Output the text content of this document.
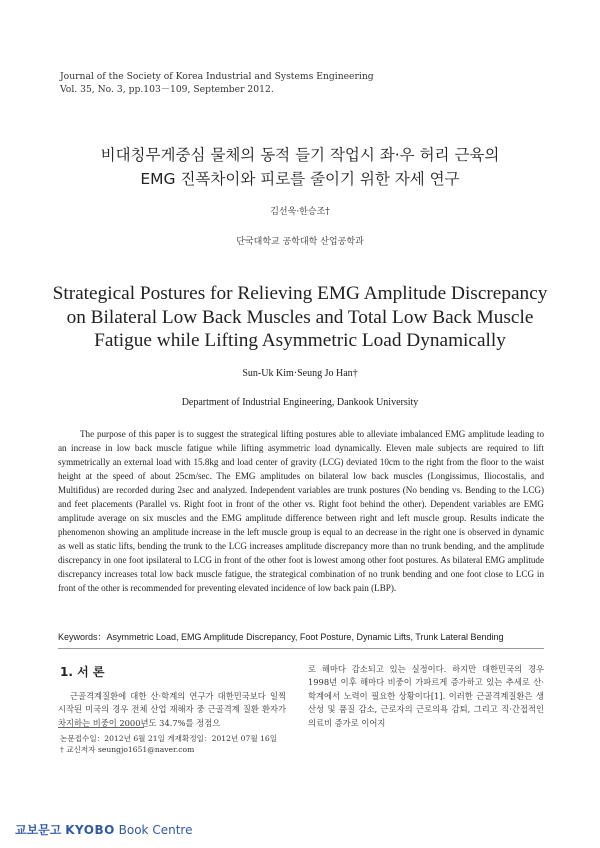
Journal of the Society of Korea Industrial and Systems Engineering
Vol. 35, No. 3, pp.103－109, September 2012.
비대칭무게중심 물체의 동적 들기 작업시 좌·우 허리 근육의
EMG 진폭차이와 피로를 줄이기 위한 자세 연구
김선욱·한승조†
단국대학교 공학대학 산업공학과
Strategical Postures for Relieving EMG Amplitude Discrepancy
on Bilateral Low Back Muscles and Total Low Back Muscle
Fatigue while Lifting Asymmetric Load Dynamically
Sun-Uk Kim·Seung Jo Han†
Department of Industrial Engineering, Dankook University
The purpose of this paper is to suggest the strategical lifting postures able to alleviate imbalanced EMG amplitude leading to an increase in low back muscle fatigue while lifting asymmetric load dynamically. Eleven male subjects are required to lift symmetrically an external load with 15.8kg and load center of gravity (LCG) deviated 10cm to the right from the floor to the waist height at the speed of about 25cm/sec. The EMG amplitudes on bilateral low back muscles (Longissimus, Iliocostalis, and Multifidus) are recorded during 2sec and analyzed. Independent variables are trunk postures (No bending vs. Bending to the LCG) and feet placements (Parallel vs. Right foot in front of the other vs. Right foot behind the other). Dependent variables are EMG amplitude average on six muscles and the EMG amplitude difference between right and left muscle group. Results indicate the phenomenon showing an amplitude increase in the left muscle group is equal to an decrease in the right one is observed in dynamic as well as static lifts, bending the trunk to the LCG increases amplitude discrepancy more than no trunk bending, and the amplitude discrepancy in one foot ipsilateral to LCG in front of the other foot is lowest among other foot postures. As bilateral EMG amplitude discrepancy increases total low back muscle fatigue, the strategical combination of no trunk bending and one foot close to LCG in front of the other is recommended for preventing elevated incidence of low back pain (LBP).
Keywords：Asymmetric Load, EMG Amplitude Discrepancy, Foot Posture, Dynamic Lifts, Trunk Lateral Bending
1. 서 론
근골격계질환에 대한 산·학계의 연구가 대한민국보다 일찍 시작된 미국의 경우 전체 산업 재해자 중 근골격계 질환 환자가 차지하는 비중이 2000년도 34.7%를 정점으
로 해마다 감소되고 있는 실정이다. 하지만 대한민국의 경우 1998년 이후 해마다 비중이 가파르게 증가하고 있는 추세로 산·학계에서 노력이 필요한 상황이다[1]. 이러한 근골격계질환은 생산성 및 품질 감소, 근로자의 근로의욕 감퇴, 그리고 직·간접적인 의료비 증가로 이어지
논문접수일：2012년 6월 21일 게재확정일：2012년 07월 16일
† 교신저자 seungjo1651@naver.com
교보문고 KYOBO Book Centre
